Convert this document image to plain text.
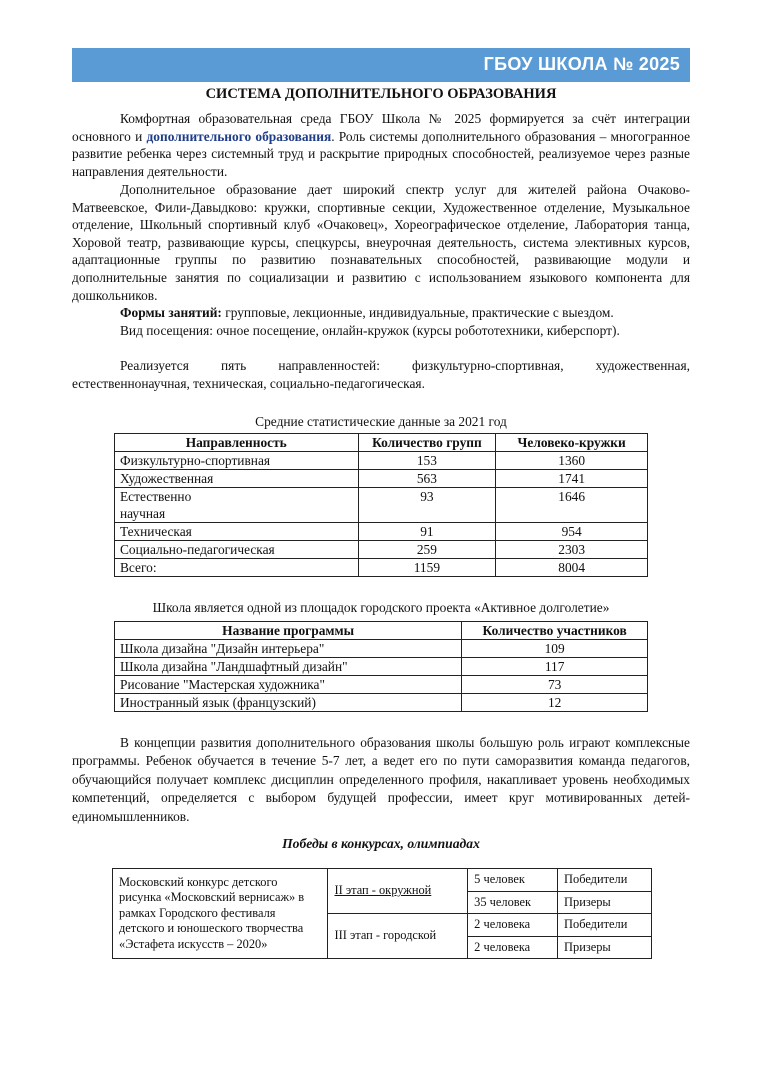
ГБОУ ШКОЛА № 2025
СИСТЕМА ДОПОЛНИТЕЛЬНОГО ОБРАЗОВАНИЯ

Комфортная образовательная среда ГБОУ Школа № 2025 формируется за счёт интеграции основного и дополнительного образования. Роль системы дополнительного образования – многогранное развитие ребенка через системный труд и раскрытие природных способностей, реализуемое через разные направления деятельности.

Дополнительное образование дает широкий спектр услуг для жителей района Очаково-Матвеевское, Фили-Давыдково: кружки, спортивные секции, Художественное отделение, Музыкальное отделение, Школьный спортивный клуб «Очаковец», Хореографическое отделение, Лаборатория танца, Хоровой театр, развивающие курсы, спецкурсы, внеурочная деятельность, система элективных курсов, адаптационные группы по развитию познавательных способностей, развивающие модули и дополнительные занятия по социализации и развитию с использованием языкового компонента для дошкольников.

Формы занятий: групповые, лекционные, индивидуальные, практические с выездом.

Вид посещения: очное посещение, онлайн-кружок (курсы робототехники, киберспорт).

Реализуется пять направленностей: физкультурно-спортивная, художественная, естественнонаучная, техническая, социально-педагогическая.

Средние статистические данные за 2021 год
Направленность	Количество групп	Человеко-кружки
Физкультурно-спортивная	153	1360
Художественная	563	1741

Естественно научная	93	1646
Техническая	91	954
Социально-педагогическая	259	2303
Всего:	1159	8004
Школа является одной из площадок городского проекта «Активное долголетие»
Название программы	Количество участников
Школа дизайна "Дизайн интерьера"	109
Школа дизайна "Ландшафтный дизайн"	117
Рисование "Мастерская художника"	73
Иностранный язык (французский)	12

В концепции развития дополнительного образования школы большую роль играют комплексные программы. Ребенок обучается в течение 5-7 лет, а ведет его по пути саморазвития команда педагогов, обучающийся получает комплекс дисциплин определенного профиля, накапливает уровень необходимых компетенций, определяется с выбором будущей профессии, имеет круг мотивированных детей-единомышленников.

Победы в конкурсах, олимпиадах
Московский конкурс детского рисунка «Московский вернисаж» в рамках Городского фестиваля детского и юношеского творчества «Эстафета искусств – 2020»	II этап - окружной	5 человек	Победители
		35 человек	Призеры
	III этап - городской	2 человека	Победители
		2 человека	Призеры
